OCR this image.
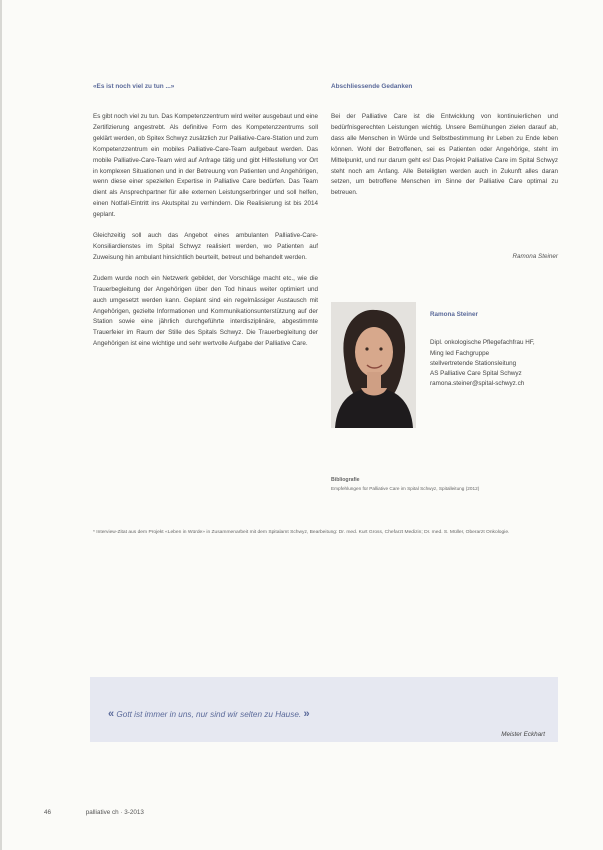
«Es ist noch viel zu tun ...»

Es gibt noch viel zu tun. Das Kompetenzzentrum wird weiter ausgebaut und eine Zertifizierung angestrebt. Als definitive Form des Kompetenzzentrums soll geklärt werden, ob Spitex Schwyz zusätzlich zur Palliative-Care-Station und zum Kompetenzzentrum ein mobiles Palliative-Care-Team aufgebaut werden. Das mobile Palliative-Care-Team wird auf Anfrage tätig und gibt Hilfestellung vor Ort in komplexen Situationen und in der Betreuung von Patienten und Angehörigen, wenn diese einer speziellen Expertise in Palliative Care bedürfen. Das Team dient als Ansprechpartner für alle externen Leistungserbringer und soll helfen, einen Notfall-Eintritt ins Akutspital zu verhindern. Die Realisierung ist bis 2014 geplant.

Gleichzeitig soll auch das Angebot eines ambulanten Palliative-Care-Konsiliardienstes im Spital Schwyz realisiert werden, wo Patienten auf Zuweisung hin ambulant hinsichtlich beurteilt, betreut und behandelt werden.

Zudem wurde noch ein Netzwerk gebildet, der Vorschläge macht etc., wie die Trauerbegleitung der Angehörigen über den Tod hinaus weiter optimiert und auch umgesetzt werden kann. Geplant sind ein regelmässiger Austausch mit Angehörigen, gezielte Informationen und Kommunikationsunterstützung auf der Station sowie eine jährlich durchgeführte interdisziplinäre, abgestimmte Trauerfeier im Raum der Stille des Spitals Schwyz. Die Trauerbegleitung der Angehörigen ist eine wichtige und sehr wertvolle Aufgabe der Palliative Care.

Abschliessende Gedanken

Bei der Palliative Care ist die Entwicklung von kontinuierlichen und bedürfnisgerechten Leistungen wichtig. Unsere Bemühungen zielen darauf ab, dass alle Menschen in Würde und Selbstbestimmung ihr Leben zu Ende leben können. Wohl der Betroffenen, sei es Patienten oder Angehörige, steht im Mittelpunkt, und nur darum geht es! Das Projekt Palliative Care im Spital Schwyz steht noch am Anfang. Alle Beteiligten werden auch in Zukunft alles daran setzen, um betroffene Menschen im Sinne der Palliative Care optimal zu betreuen.

Ramona Steiner
Ramona Steiner
Dipl. onkologische Pflegefachfrau HF,
Ming led Fachgruppe
stellvertretende Stationsleitung
AS Palliative Care Spital Schwyz
ramona.steiner@spital-schwyz.ch
Bibliografie
Empfehlungen für Palliative Care im Spital Schwyz, Spitalleitung (2012)
* Interview-Zitat aus dem Projekt «Leben in Würde» in Zusammenarbeit mit dem Spitalamt Schwyz, Bearbeitung: Dr. med. Kurt Gross, Chefarzt Medizin; Dr. med. S. Müller, Oberarzt Onkologie.
« Gott ist immer in uns, nur sind wir selten zu Hause. »
Meister Eckhart
46	palliative ch · 3-2013
